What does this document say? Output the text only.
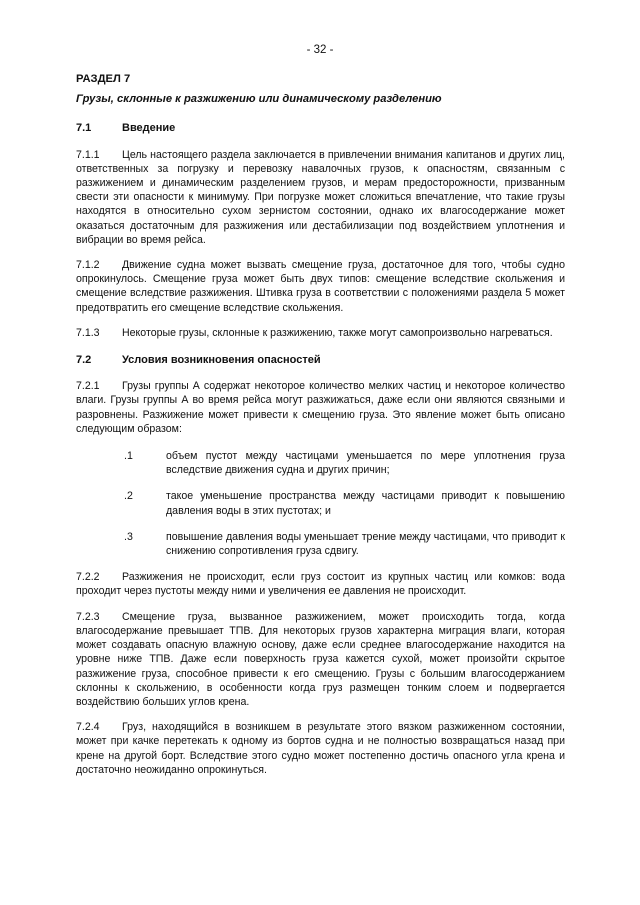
- 32 -

РАЗДЕЛ 7

Грузы, склонные к разжижению или динамическому разделению

7.1	Введение

7.1.1 Цель настоящего раздела заключается в привлечении внимания капитанов и других лиц, ответственных за погрузку и перевозку навалочных грузов, к опасностям, связанным с разжижением и динамическим разделением грузов, и мерам предосторожности, призванным свести эти опасности к минимуму. При погрузке может сложиться впечатление, что такие грузы находятся в относительно сухом зернистом состоянии, однако их влагосодержание может оказаться достаточным для разжижения или дестабилизации под воздействием уплотнения и вибрации во время рейса.

7.1.2 Движение судна может вызвать смещение груза, достаточное для того, чтобы судно опрокинулось. Смещение груза может быть двух типов: смещение вследствие скольжения и смещение вследствие разжижения. Штивка груза в соответствии с положениями раздела 5 может предотвратить его смещение вследствие скольжения.

7.1.3 Некоторые грузы, склонные к разжижению, также могут самопроизвольно нагреваться.

7.2	Условия возникновения опасностей

7.2.1 Грузы группы А содержат некоторое количество мелких частиц и некоторое количество влаги. Грузы группы А во время рейса могут разжижаться, даже если они являются связными и разровнены. Разжижение может привести к смещению груза. Это явление может быть описано следующим образом:

.1	объем пустот между частицами уменьшается по мере уплотнения груза вследствие движения судна и других причин;
.2	такое уменьшение пространства между частицами приводит к повышению давления воды в этих пустотах; и
.3	повышение давления воды уменьшает трение между частицами, что приводит к снижению сопротивления груза сдвигу.

7.2.2 Разжижения не происходит, если груз состоит из крупных частиц или комков: вода проходит через пустоты между ними и увеличения ее давления не происходит.

7.2.3 Смещение груза, вызванное разжижением, может происходить тогда, когда влагосодержание превышает ТПВ. Для некоторых грузов характерна миграция влаги, которая может создавать опасную влажную основу, даже если среднее влагосодержание находится на уровне ниже ТПВ. Даже если поверхность груза кажется сухой, может произойти скрытое разжижение груза, способное привести к его смещению. Грузы с большим влагосодержанием склонны к скольжению, в особенности когда груз размещен тонким слоем и подвергается воздействию больших углов крена.

7.2.4 Груз, находящийся в возникшем в результате этого вязком разжиженном состоянии, может при качке перетекать к одному из бортов судна и не полностью возвращаться назад при крене на другой борт. Вследствие этого судно может постепенно достичь опасного угла крена и достаточно неожиданно опрокинуться.
